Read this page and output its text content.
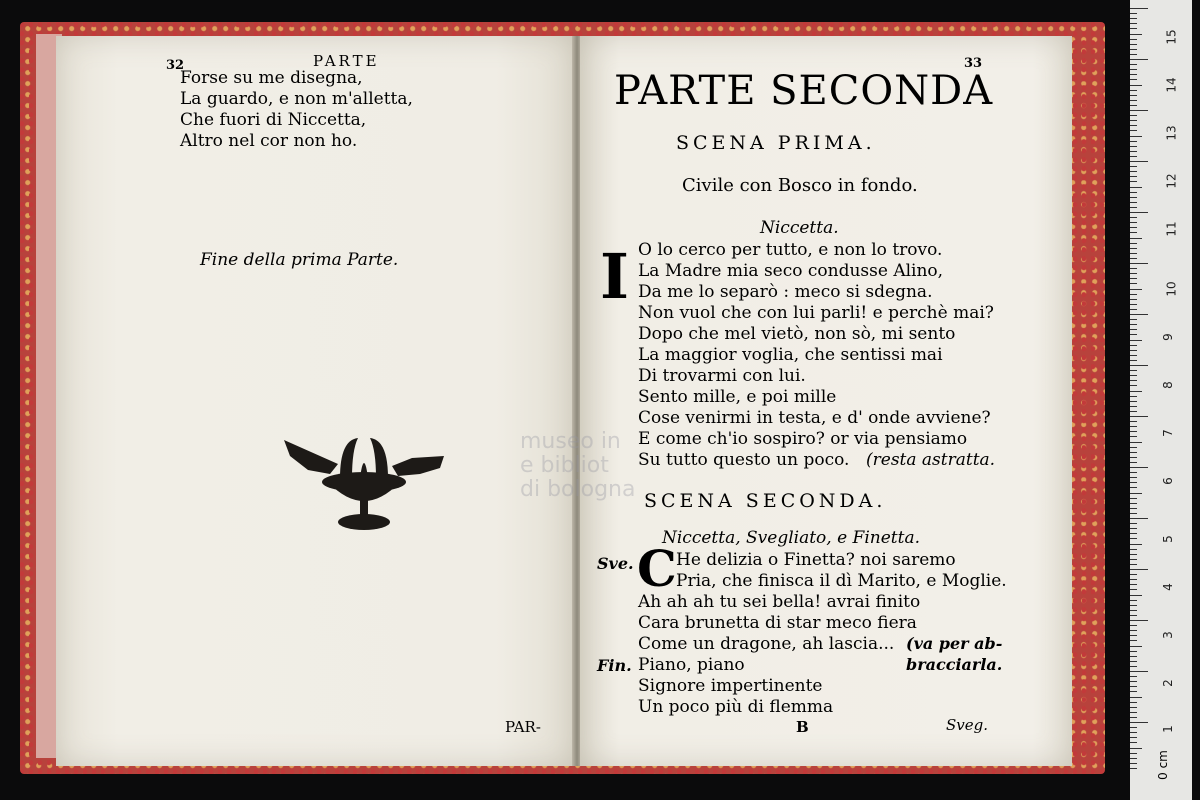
32	PARTE
Forse su me disegna,
La guardo, e non m'alletta,
Che fuori di Niccetta,
Altro nel cor non ho.
Fine della prima Parte.
PAR-
33
PARTE SECONDA
SCENA PRIMA.
Civile con Bosco in fondo.
Niccetta.
I O lo cerco per tutto, e non lo trovo.
La Madre mia seco condusse Alino,
Da me lo separò : meco si sdegna.
Non vuol che con lui parli! e perchè mai?
Dopo che mel vietò, non sò, mi sento
La maggior voglia, che sentissi mai
Di trovarmi con lui.
Sento mille, e poi mille
Cose venirmi in testa, e d' onde avviene?
E come ch'io sospiro? or via pensiamo
Su tutto questo un poco. (resta astratta.
SCENA SECONDA.
Niccetta, Svegliato, e Finetta.
Sve. C He delizia o Finetta? noi saremo
Pria, che finisca il dì Marito, e Moglie.
Ah ah ah tu sei bella! avrai finito
Cara brunetta di star meco fiera
Come un dragone, ah lascia... (va per ab-
bracciarla.
Fin. Piano, piano
Signore impertinente
Un poco più di flemma
B	Sveg.
museo in
e bibliot
di bologna
15
14
13
12
11
10
9
8
7
6
5
4
3
2
1
0 cm
